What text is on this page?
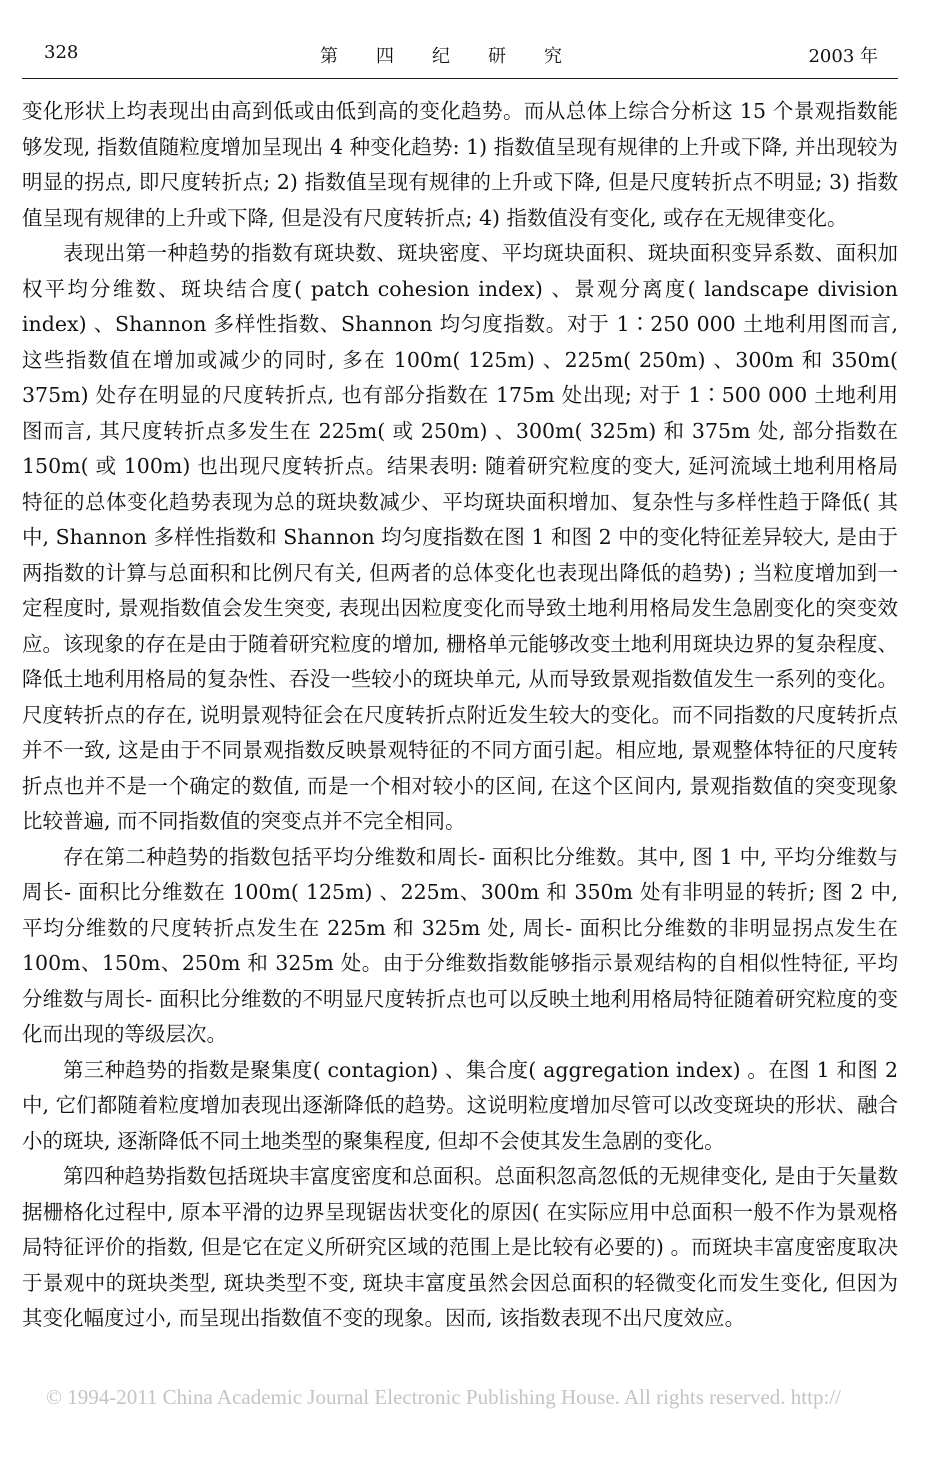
328	第四纪研究	2003 年

变化形状上均表现出由高到低或由低到高的变化趋势。而从总体上综合分析这 15 个景观指数能够发现, 指数值随粒度增加呈现出 4 种变化趋势: 1) 指数值呈现有规律的上升或下降, 并出现较为明显的拐点, 即尺度转折点; 2) 指数值呈现有规律的上升或下降, 但是尺度转折点不明显; 3) 指数值呈现有规律的上升或下降, 但是没有尺度转折点; 4) 指数值没有变化, 或存在无规律变化。

表现出第一种趋势的指数有斑块数、斑块密度、平均斑块面积、斑块面积变异系数、面积加权平均分维数、斑块结合度( patch cohesion index) 、景观分离度( landscape division index) 、Shannon 多样性指数、Shannon 均匀度指数。对于 1∶250 000 土地利用图而言, 这些指数值在增加或减少的同时, 多在 100m( 125m) 、225m( 250m) 、300m 和 350m( 375m) 处存在明显的尺度转折点, 也有部分指数在 175m 处出现; 对于 1∶500 000 土地利用图而言, 其尺度转折点多发生在 225m( 或 250m) 、300m( 325m) 和 375m 处, 部分指数在 150m( 或 100m) 也出现尺度转折点。结果表明: 随着研究粒度的变大, 延河流域土地利用格局特征的总体变化趋势表现为总的斑块数减少、平均斑块面积增加、复杂性与多样性趋于降低( 其中, Shannon 多样性指数和 Shannon 均匀度指数在图 1 和图 2 中的变化特征差异较大, 是由于两指数的计算与总面积和比例尺有关, 但两者的总体变化也表现出降低的趋势) ; 当粒度增加到一定程度时, 景观指数值会发生突变, 表现出因粒度变化而导致土地利用格局发生急剧变化的突变效应。该现象的存在是由于随着研究粒度的增加, 栅格单元能够改变土地利用斑块边界的复杂程度、降低土地利用格局的复杂性、吞没一些较小的斑块单元, 从而导致景观指数值发生一系列的变化。尺度转折点的存在, 说明景观特征会在尺度转折点附近发生较大的变化。而不同指数的尺度转折点并不一致, 这是由于不同景观指数反映景观特征的不同方面引起。相应地, 景观整体特征的尺度转折点也并不是一个确定的数值, 而是一个相对较小的区间, 在这个区间内, 景观指数值的突变现象比较普遍, 而不同指数值的突变点并不完全相同。

存在第二种趋势的指数包括平均分维数和周长- 面积比分维数。其中, 图 1 中, 平均分维数与周长- 面积比分维数在 100m( 125m) 、225m、300m 和 350m 处有非明显的转折; 图 2 中, 平均分维数的尺度转折点发生在 225m 和 325m 处, 周长- 面积比分维数的非明显拐点发生在 100m、150m、250m 和 325m 处。由于分维数指数能够指示景观结构的自相似性特征, 平均分维数与周长- 面积比分维数的不明显尺度转折点也可以反映土地利用格局特征随着研究粒度的变化而出现的等级层次。

第三种趋势的指数是聚集度( contagion) 、集合度( aggregation index) 。在图 1 和图 2 中, 它们都随着粒度增加表现出逐渐降低的趋势。这说明粒度增加尽管可以改变斑块的形状、融合小的斑块, 逐渐降低不同土地类型的聚集程度, 但却不会使其发生急剧的变化。

第四种趋势指数包括斑块丰富度密度和总面积。总面积忽高忽低的无规律变化, 是由于矢量数据栅格化过程中, 原本平滑的边界呈现锯齿状变化的原因( 在实际应用中总面积一般不作为景观格局特征评价的指数, 但是它在定义所研究区域的范围上是比较有必要的) 。而斑块丰富度密度取决于景观中的斑块类型, 斑块类型不变, 斑块丰富度虽然会因总面积的轻微变化而发生变化, 但因为其变化幅度过小, 而呈现出指数值不变的现象。因而, 该指数表现不出尺度效应。

© 1994-2011 China Academic Journal Electronic Publishing House. All rights reserved. http://
